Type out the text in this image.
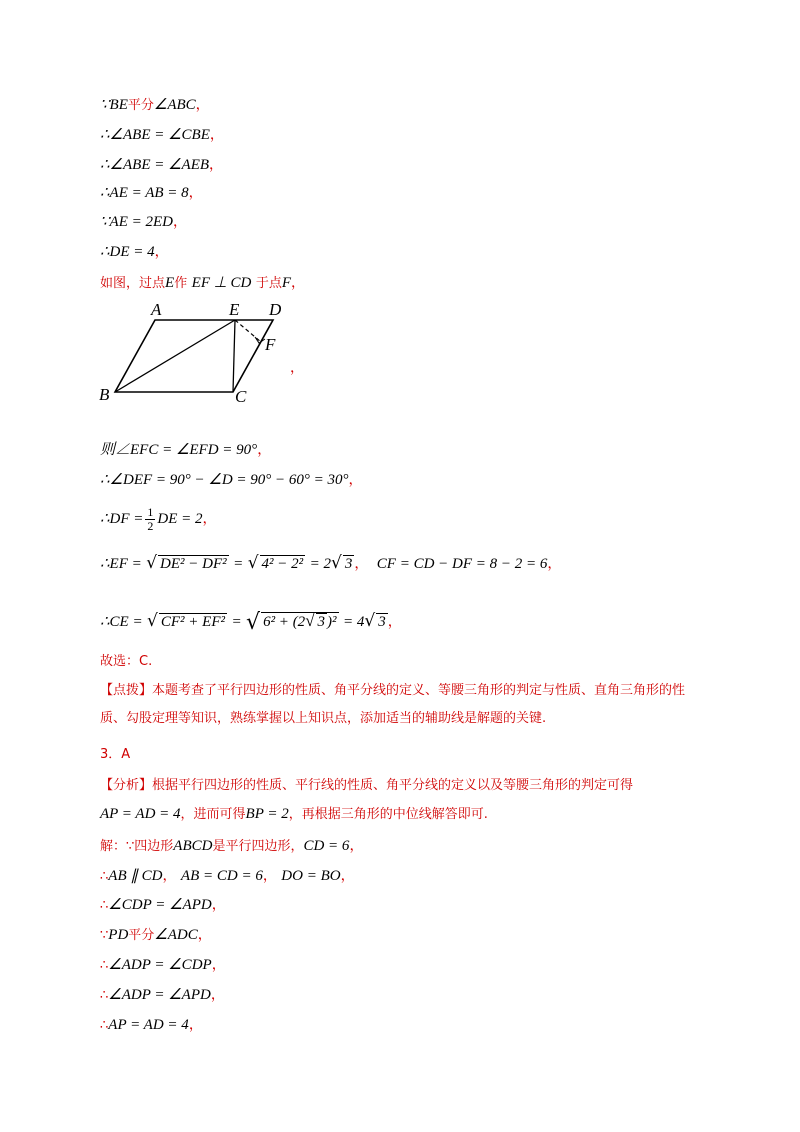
∵BE平分∠ABC，
∴∠ABE = ∠CBE，
∴∠ABE = ∠AEB，
∴AE = AB = 8，
∵AE = 2ED，
∴DE = 4，
如图，过点E作 EF ⊥ CD 于点F，
A	E D
F
B	C
，
则∠EFC = ∠EFD = 90°，
∴∠DEF = 90° − ∠D = 90° − 60° = 30°，
∴DF = $\frac{1}{2}$ DE = 2，
∴EF = √ DE² − DF² = √ 4² − 2² = 2√ 3 ， CF = CD − DF = 8 − 2 = 6，
∴CE = √ CF² + EF² = √ 6² + (2√ 3 )² = 4√ 3 ，
故选：C.
【点拨】本题考查了平行四边形的性质、角平分线的定义、等腰三角形的判定与性质、直角三角形的性质、勾股定理等知识，熟练掌握以上知识点，添加适当的辅助线是解题的关键.
3．A
【分析】根据平行四边形的性质、平行线的性质、角平分线的定义以及等腰三角形的判定可得
AP = AD = 4，进而可得BP = 2，再根据三角形的中位线解答即可.
解：∵四边形ABCD是平行四边形，CD = 6，
∴AB ∥ CD， AB = CD = 6， DO = BO，
∴∠CDP = ∠APD，
∵PD平分∠ADC，
∴∠ADP = ∠CDP，
∴∠ADP = ∠APD，
∴AP = AD = 4，
